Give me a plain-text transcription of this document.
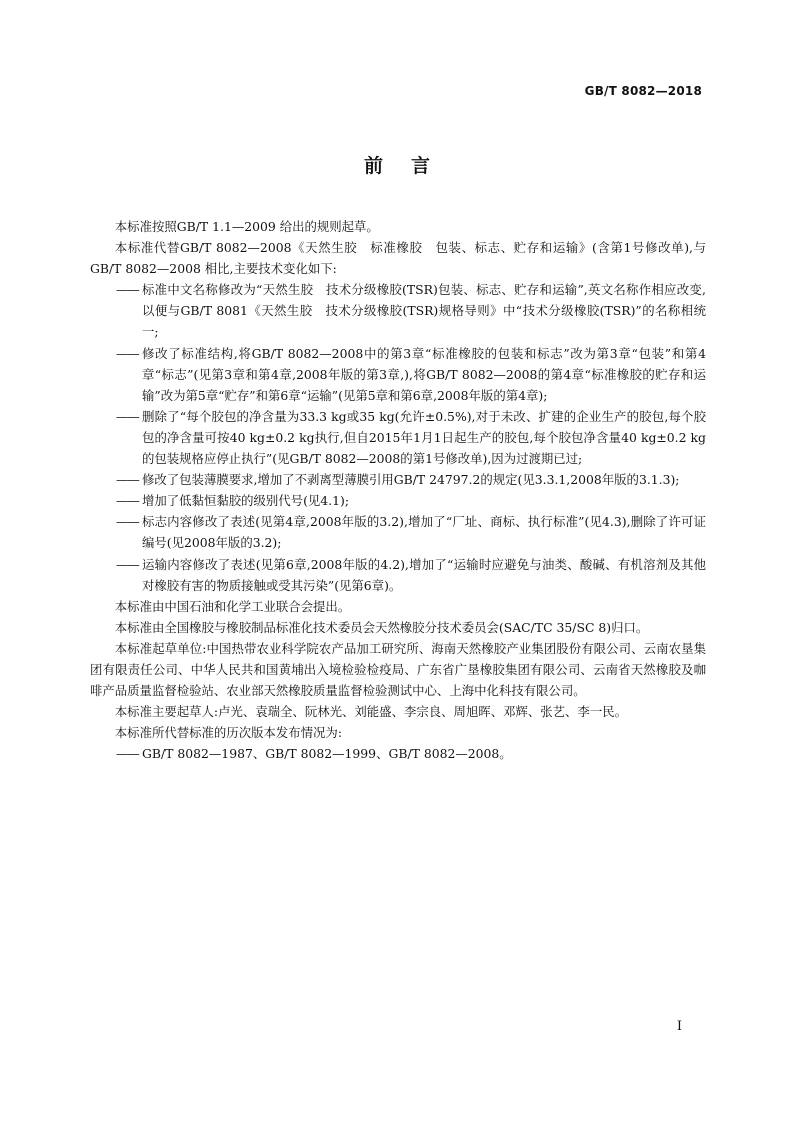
GB/T 8082—2018
前言

本标准按照GB/T 1.1—2009 给出的规则起草。

本标准代替GB/T 8082—2008《天然生胶　标准橡胶　包装、标志、贮存和运输》(含第1号修改单),与GB/T 8082—2008 相比,主要技术变化如下:

—— 标准中文名称修改为“天然生胶　技术分级橡胶(TSR)包装、标志、贮存和运输”,英文名称作相应改变,以便与GB/T 8081《天然生胶　技术分级橡胶(TSR)规格导则》中“技术分级橡胶(TSR)”的名称相统一;
—— 修改了标准结构,将GB/T 8082—2008中的第3章“标准橡胶的包装和标志”改为第3章“包装”和第4章“标志”(见第3章和第4章,2008年版的第3章,),将GB/T 8082—2008的第4章“标准橡胶的贮存和运输”改为第5章“贮存”和第6章“运输”(见第5章和第6章,2008年版的第4章);
—— 删除了“每个胶包的净含量为33.3 kg或35 kg(允许±0.5%),对于未改、扩建的企业生产的胶包,每个胶包的净含量可按40 kg±0.2 kg执行,但自2015年1月1日起生产的胶包,每个胶包净含量40 kg±0.2 kg的包装规格应停止执行”(见GB/T 8082—2008的第1号修改单),因为过渡期已过;
—— 修改了包装薄膜要求,增加了不剥离型薄膜引用GB/T 24797.2的规定(见3.3.1,2008年版的3.1.3);
—— 增加了低黏恒黏胶的级别代号(见4.1);
—— 标志内容修改了表述(见第4章,2008年版的3.2),增加了“厂址、商标、执行标准”(见4.3),删除了许可证编号(见2008年版的3.2);
—— 运输内容修改了表述(见第6章,2008年版的4.2),增加了“运输时应避免与油类、酸碱、有机溶剂及其他对橡胶有害的物质接触或受其污染”(见第6章)。

本标准由中国石油和化学工业联合会提出。

本标准由全国橡胶与橡胶制品标准化技术委员会天然橡胶分技术委员会(SAC/TC 35/SC 8)归口。

本标准起草单位:中国热带农业科学院农产品加工研究所、海南天然橡胶产业集团股份有限公司、云南农垦集团有限责任公司、中华人民共和国黄埔出入境检验检疫局、广东省广垦橡胶集团有限公司、云南省天然橡胶及咖啡产品质量监督检验站、农业部天然橡胶质量监督检验测试中心、上海中化科技有限公司。

本标准主要起草人:卢光、袁瑞全、阮林光、刘能盛、李宗良、周旭晖、邓辉、张艺、李一民。

本标准所代替标准的历次版本发布情况为:

—— GB/T 8082—1987、GB/T 8082—1999、GB/T 8082—2008。
I
